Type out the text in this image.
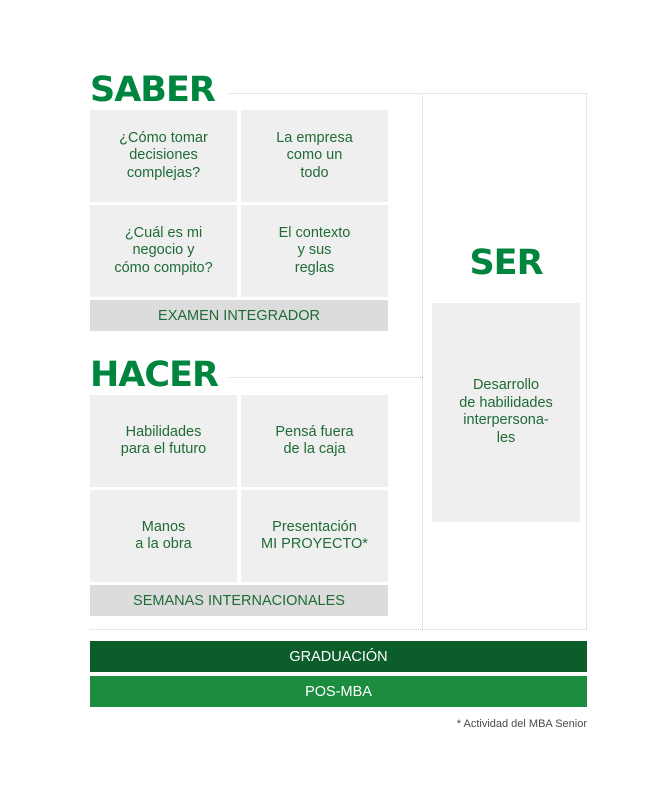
SABER
¿Cómo tomar
decisiones
complejas?
La empresa
como un
todo
¿Cuál es mi
negocio y
cómo compito?
El contexto
y sus
reglas
EXAMEN INTEGRADOR
HACER
Habilidades
para el futuro
Pensá fuera
de la caja
Manos
a la obra
Presentación
MI PROYECTO*
SEMANAS INTERNACIONALES
SER
Desarrollo
de habilidades
interpersona-
les
GRADUACIÓN
POS-MBA
* Actividad del MBA Senior
